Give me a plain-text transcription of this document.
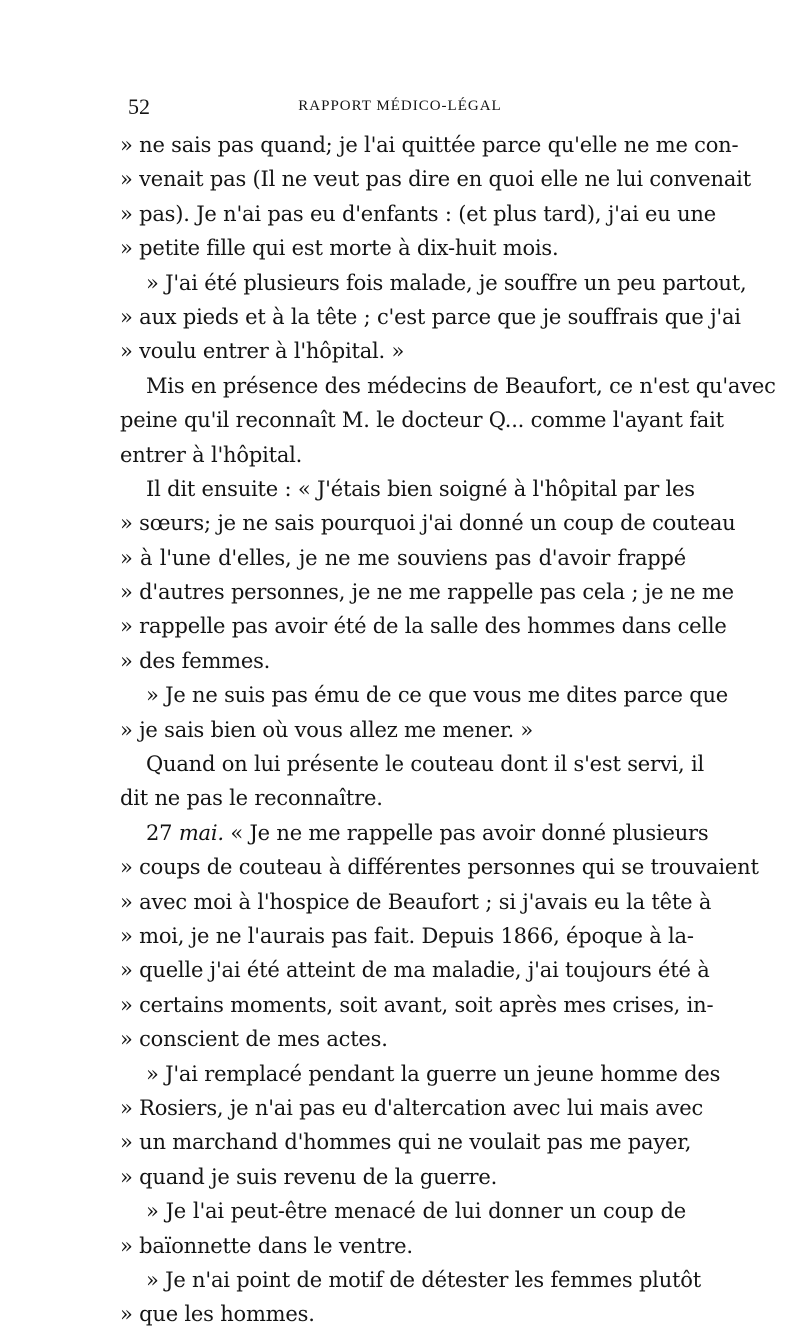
52	RAPPORT MÉDICO-LÉGAL
» ne sais pas quand; je l'ai quittée parce qu'elle ne me con-
» venait pas (Il ne veut pas dire en quoi elle ne lui convenait
» pas). Je n'ai pas eu d'enfants : (et plus tard), j'ai eu une
» petite fille qui est morte à dix-huit mois.
» J'ai été plusieurs fois malade, je souffre un peu partout,
» aux pieds et à la tête ; c'est parce que je souffrais que j'ai
» voulu entrer à l'hôpital. »
Mis en présence des médecins de Beaufort, ce n'est qu'avec
peine qu'il reconnaît M. le docteur Q... comme l'ayant fait
entrer à l'hôpital.
Il dit ensuite : « J'étais bien soigné à l'hôpital par les
» sœurs; je ne sais pourquoi j'ai donné un coup de couteau
» à l'une d'elles, je ne me souviens pas d'avoir frappé
» d'autres personnes, je ne me rappelle pas cela ; je ne me
» rappelle pas avoir été de la salle des hommes dans celle
» des femmes.
» Je ne suis pas ému de ce que vous me dites parce que
» je sais bien où vous allez me mener. »
Quand on lui présente le couteau dont il s'est servi, il
dit ne pas le reconnaître.
27 mai. « Je ne me rappelle pas avoir donné plusieurs
» coups de couteau à différentes personnes qui se trouvaient
» avec moi à l'hospice de Beaufort ; si j'avais eu la tête à
» moi, je ne l'aurais pas fait. Depuis 1866, époque à la-
» quelle j'ai été atteint de ma maladie, j'ai toujours été à
» certains moments, soit avant, soit après mes crises, in-
» conscient de mes actes.
» J'ai remplacé pendant la guerre un jeune homme des
» Rosiers, je n'ai pas eu d'altercation avec lui mais avec
» un marchand d'hommes qui ne voulait pas me payer,
» quand je suis revenu de la guerre.
» Je l'ai peut-être menacé de lui donner un coup de
» baïonnette dans le ventre.
» Je n'ai point de motif de détester les femmes plutôt
» que les hommes.
